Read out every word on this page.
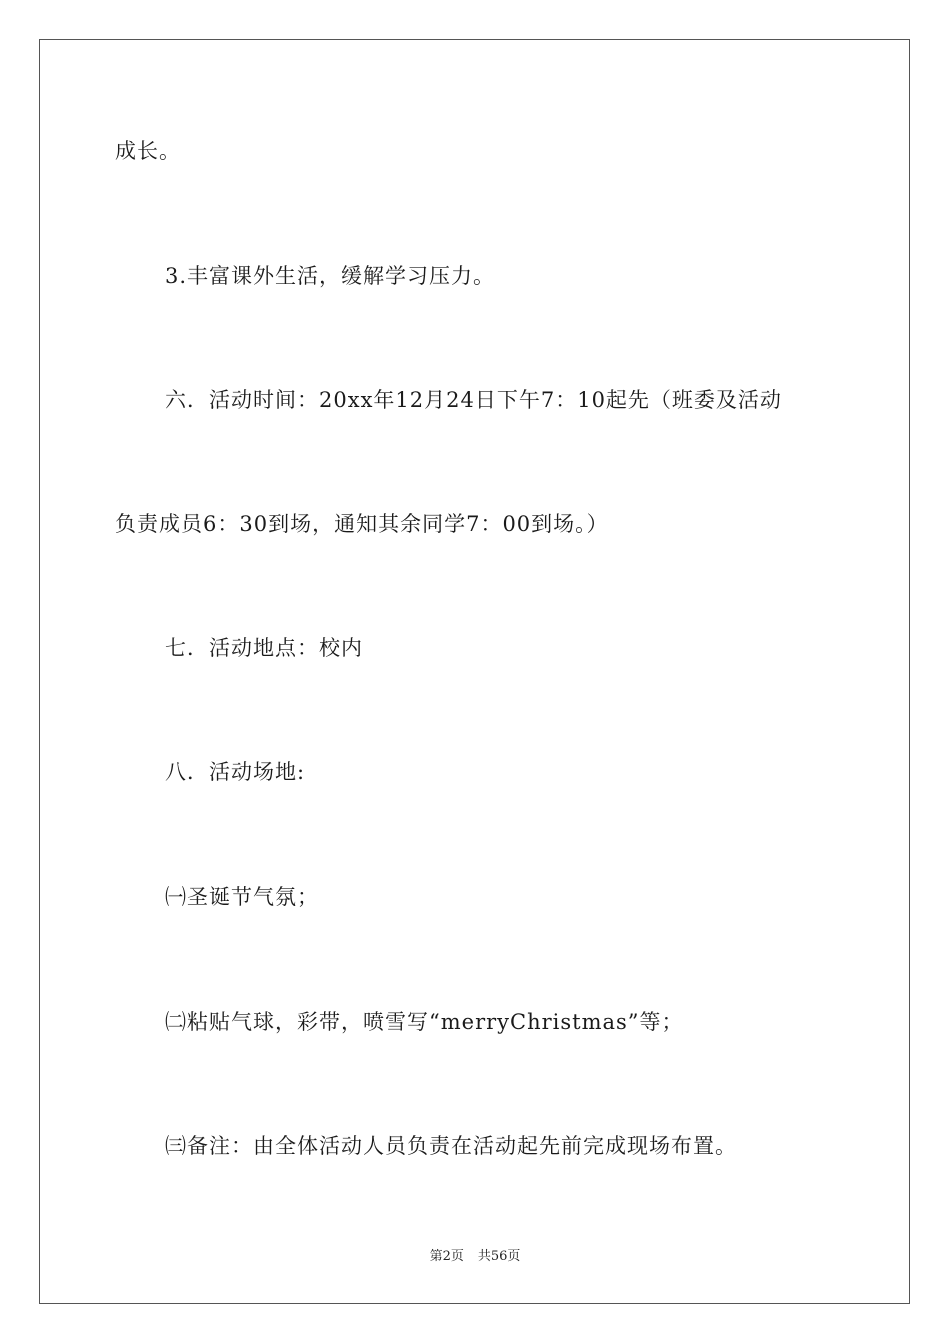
成长。
3.丰富课外生活，缓解学习压力。
六．活动时间：20xx年12月24日下午7：10起先（班委及活动
负责成员6：30到场，通知其余同学7：00到场。）
七．活动地点：校内
八．活动场地:
㈠圣诞节气氛；
㈡粘贴气球，彩带，喷雪写“merryChristmas”等；
㈢备注：由全体活动人员负责在活动起先前完成现场布置。
第2页 共56页
